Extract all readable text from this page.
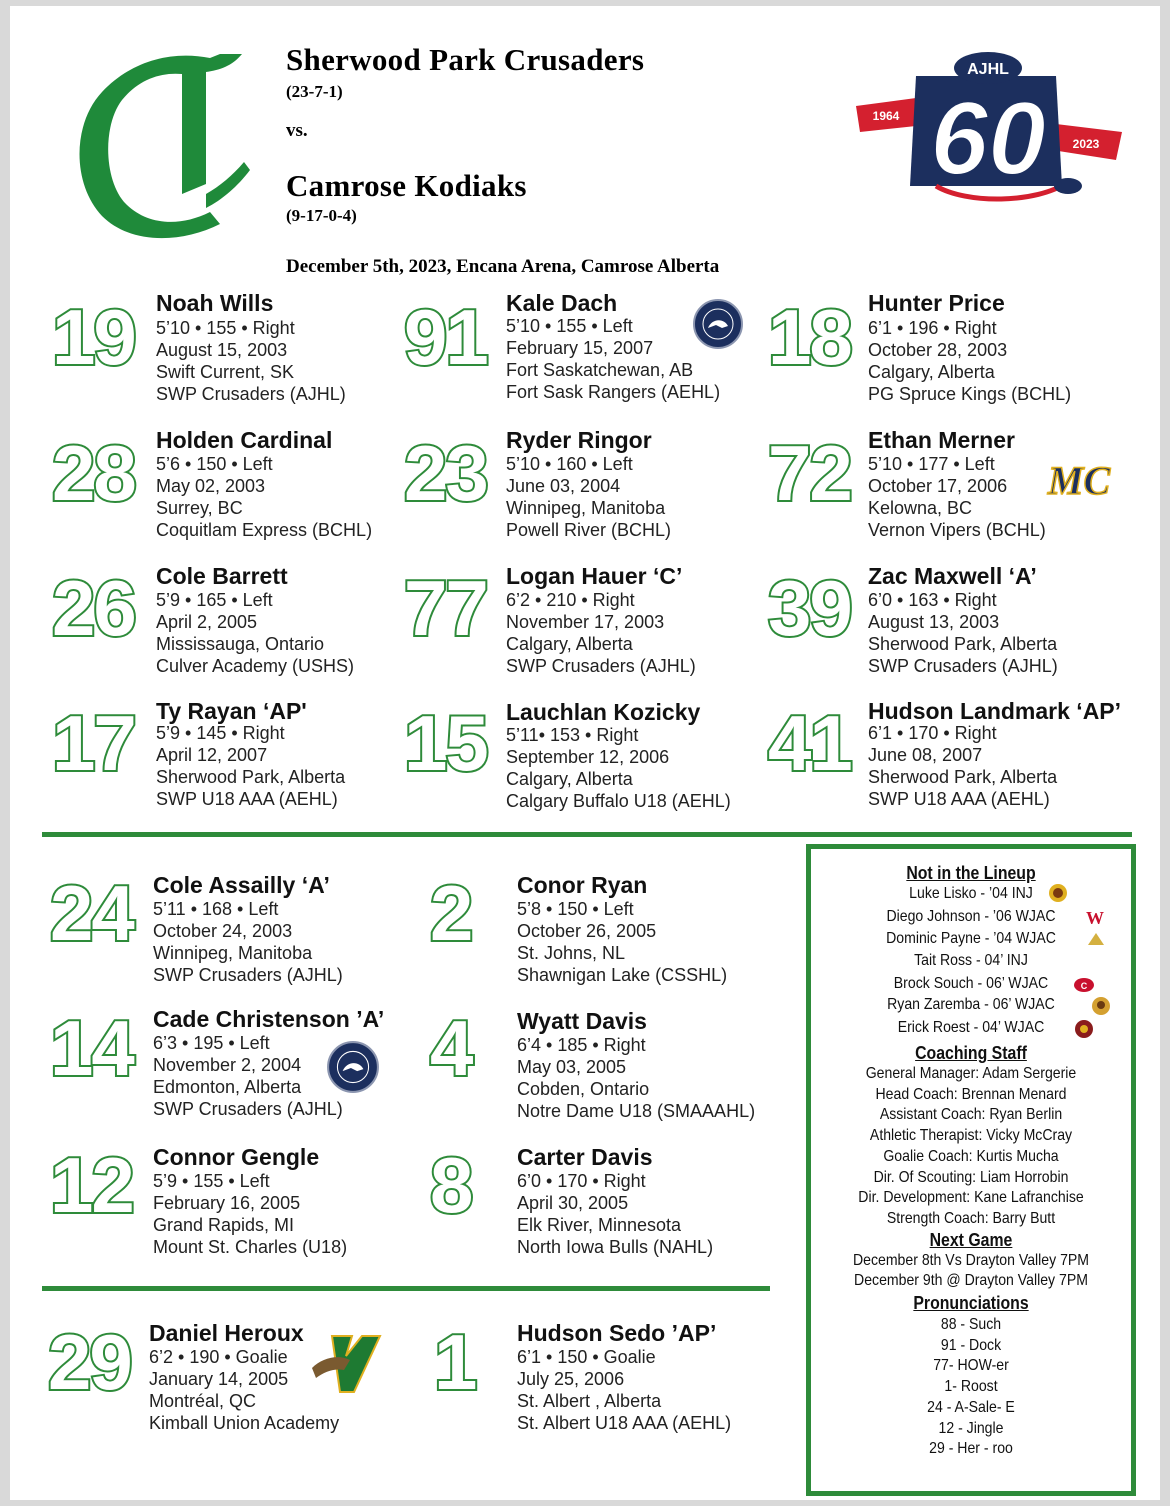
Sherwood Park Crusaders
(23-7-1)
vs.
Camrose Kodiaks
(9-17-0-4)
December 5th, 2023, Encana Arena, Camrose Alberta
AJHL
60
1964
2023
19 Noah Wills
5’10 • 155 • Right
August 15, 2003
Swift Current, SK
SWP Crusaders (AJHL)
91 Kale Dach
5’10 • 155 • Left
February 15, 2007
Fort Saskatchewan, AB
Fort Sask Rangers (AEHL)
18 Hunter Price
6’1 • 196 • Right
October 28, 2003
Calgary, Alberta
PG Spruce Kings (BCHL)
28 Holden Cardinal
5’6 • 150 • Left
May 02, 2003
Surrey, BC
Coquitlam Express (BCHL)
23 Ryder Ringor
5’10 • 160 • Left
June 03, 2004
Winnipeg, Manitoba
Powell River (BCHL)
72 Ethan Merner
5’10 • 177 • Left
October 17, 2006
Kelowna, BC
Vernon Vipers (BCHL)
MC
26 Cole Barrett
5’9 • 165 • Left
April 2, 2005
Mississauga, Ontario
Culver Academy (USHS)
77 Logan Hauer ‘C’
6’2 • 210 • Right
November 17, 2003
Calgary, Alberta
SWP Crusaders (AJHL)
39 Zac Maxwell ‘A’
6’0 • 163 • Right
August 13, 2003
Sherwood Park, Alberta
SWP Crusaders (AJHL)
17 Ty Rayan ‘AP'
5’9 • 145 • Right
April 12, 2007
Sherwood Park, Alberta
SWP U18 AAA (AEHL)
15 Lauchlan Kozicky
5’11• 153 • Right
September 12, 2006
Calgary, Alberta
Calgary Buffalo U18 (AEHL)
41 Hudson Landmark ‘AP’
6’1 • 170 • Right
June 08, 2007
Sherwood Park, Alberta
SWP U18 AAA (AEHL)
24 Cole Assailly ‘A’
5’11 • 168 • Left
October 24, 2003
Winnipeg, Manitoba
SWP Crusaders (AJHL)
2 Conor Ryan
5’8 • 150 • Left
October 26, 2005
St. Johns, NL
Shawnigan Lake (CSSHL)
14 Cade Christenson ’A’
6’3 • 195 • Left
November 2, 2004
Edmonton, Alberta
SWP Crusaders (AJHL)
4 Wyatt Davis
6’4 • 185 • Right
May 03, 2005
Cobden, Ontario
Notre Dame U18 (SMAAAHL)
12 Connor Gengle
5’9 • 155 • Left
February 16, 2005
Grand Rapids, MI
Mount St. Charles (U18)
8 Carter Davis
6’0 • 170 • Right
April 30, 2005
Elk River, Minnesota
North Iowa Bulls (NAHL)
29 Daniel Heroux
6’2 • 190 • Goalie
January 14, 2005
Montréal, QC
Kimball Union Academy
1 Hudson Sedo ’AP’
6’1 • 150 • Goalie
July 25, 2006
St. Albert , Alberta
St. Albert U18 AAA (AEHL)
Not in the Lineup
Luke Lisko - ’04 INJ
Diego Johnson - ’06 WJAC
Dominic Payne - ’04 WJAC
Tait Ross - 04’ INJ
Brock Souch - 06’ WJAC
Ryan Zaremba - 06’ WJAC
Erick Roest - 04’ WJAC
W
C
Coaching Staff
General Manager: Adam Sergerie
Head Coach: Brennan Menard
Assistant Coach: Ryan Berlin
Athletic Therapist: Vicky McCray
Goalie Coach: Kurtis Mucha
Dir. Of Scouting: Liam Horrobin
Dir. Development: Kane Lafranchise
Strength Coach: Barry Butt
Next Game
December 8th Vs Drayton Valley 7PM
December 9th @ Drayton Valley 7PM
Pronunciations
88 - Such
91 - Dock
77- HOW-er
1- Roost
24 - A-Sale- E
12 - Jingle
29 - Her - roo
